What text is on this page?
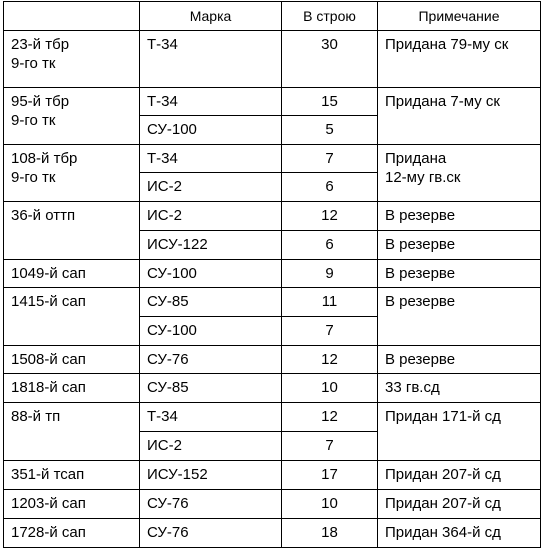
	Марка	В строю	Примечание

23-й тбр
9-го тк	Т-34	30	Придана 79-му ск

95-й тбр
9-го тк	Т-34	15	Придана 7-му ск

	СУ-100	5	

108-й тбр
9-го тк	Т-34	7	Придана
12-му гв.ск

	ИС-2	6	

36-й оттп	ИС-2	12	В резерве
	ИСУ-122	6	В резерве

1049-й сап	СУ-100	9	В резерве

1415-й сап	СУ-85	11	В резерве

	СУ-100	7	

1508-й сап	СУ-76	12	В резерве

1818-й сап	СУ-85	10	33 гв.сд

88-й тп	Т-34	12	Придан 171-й сд

	ИС-2	7	

351-й тсап	ИСУ-152	17	Придан 207-й сд

1203-й сап	СУ-76	10	Придан 207-й сд

1728-й сап	СУ-76	18	Придан 364-й сд
